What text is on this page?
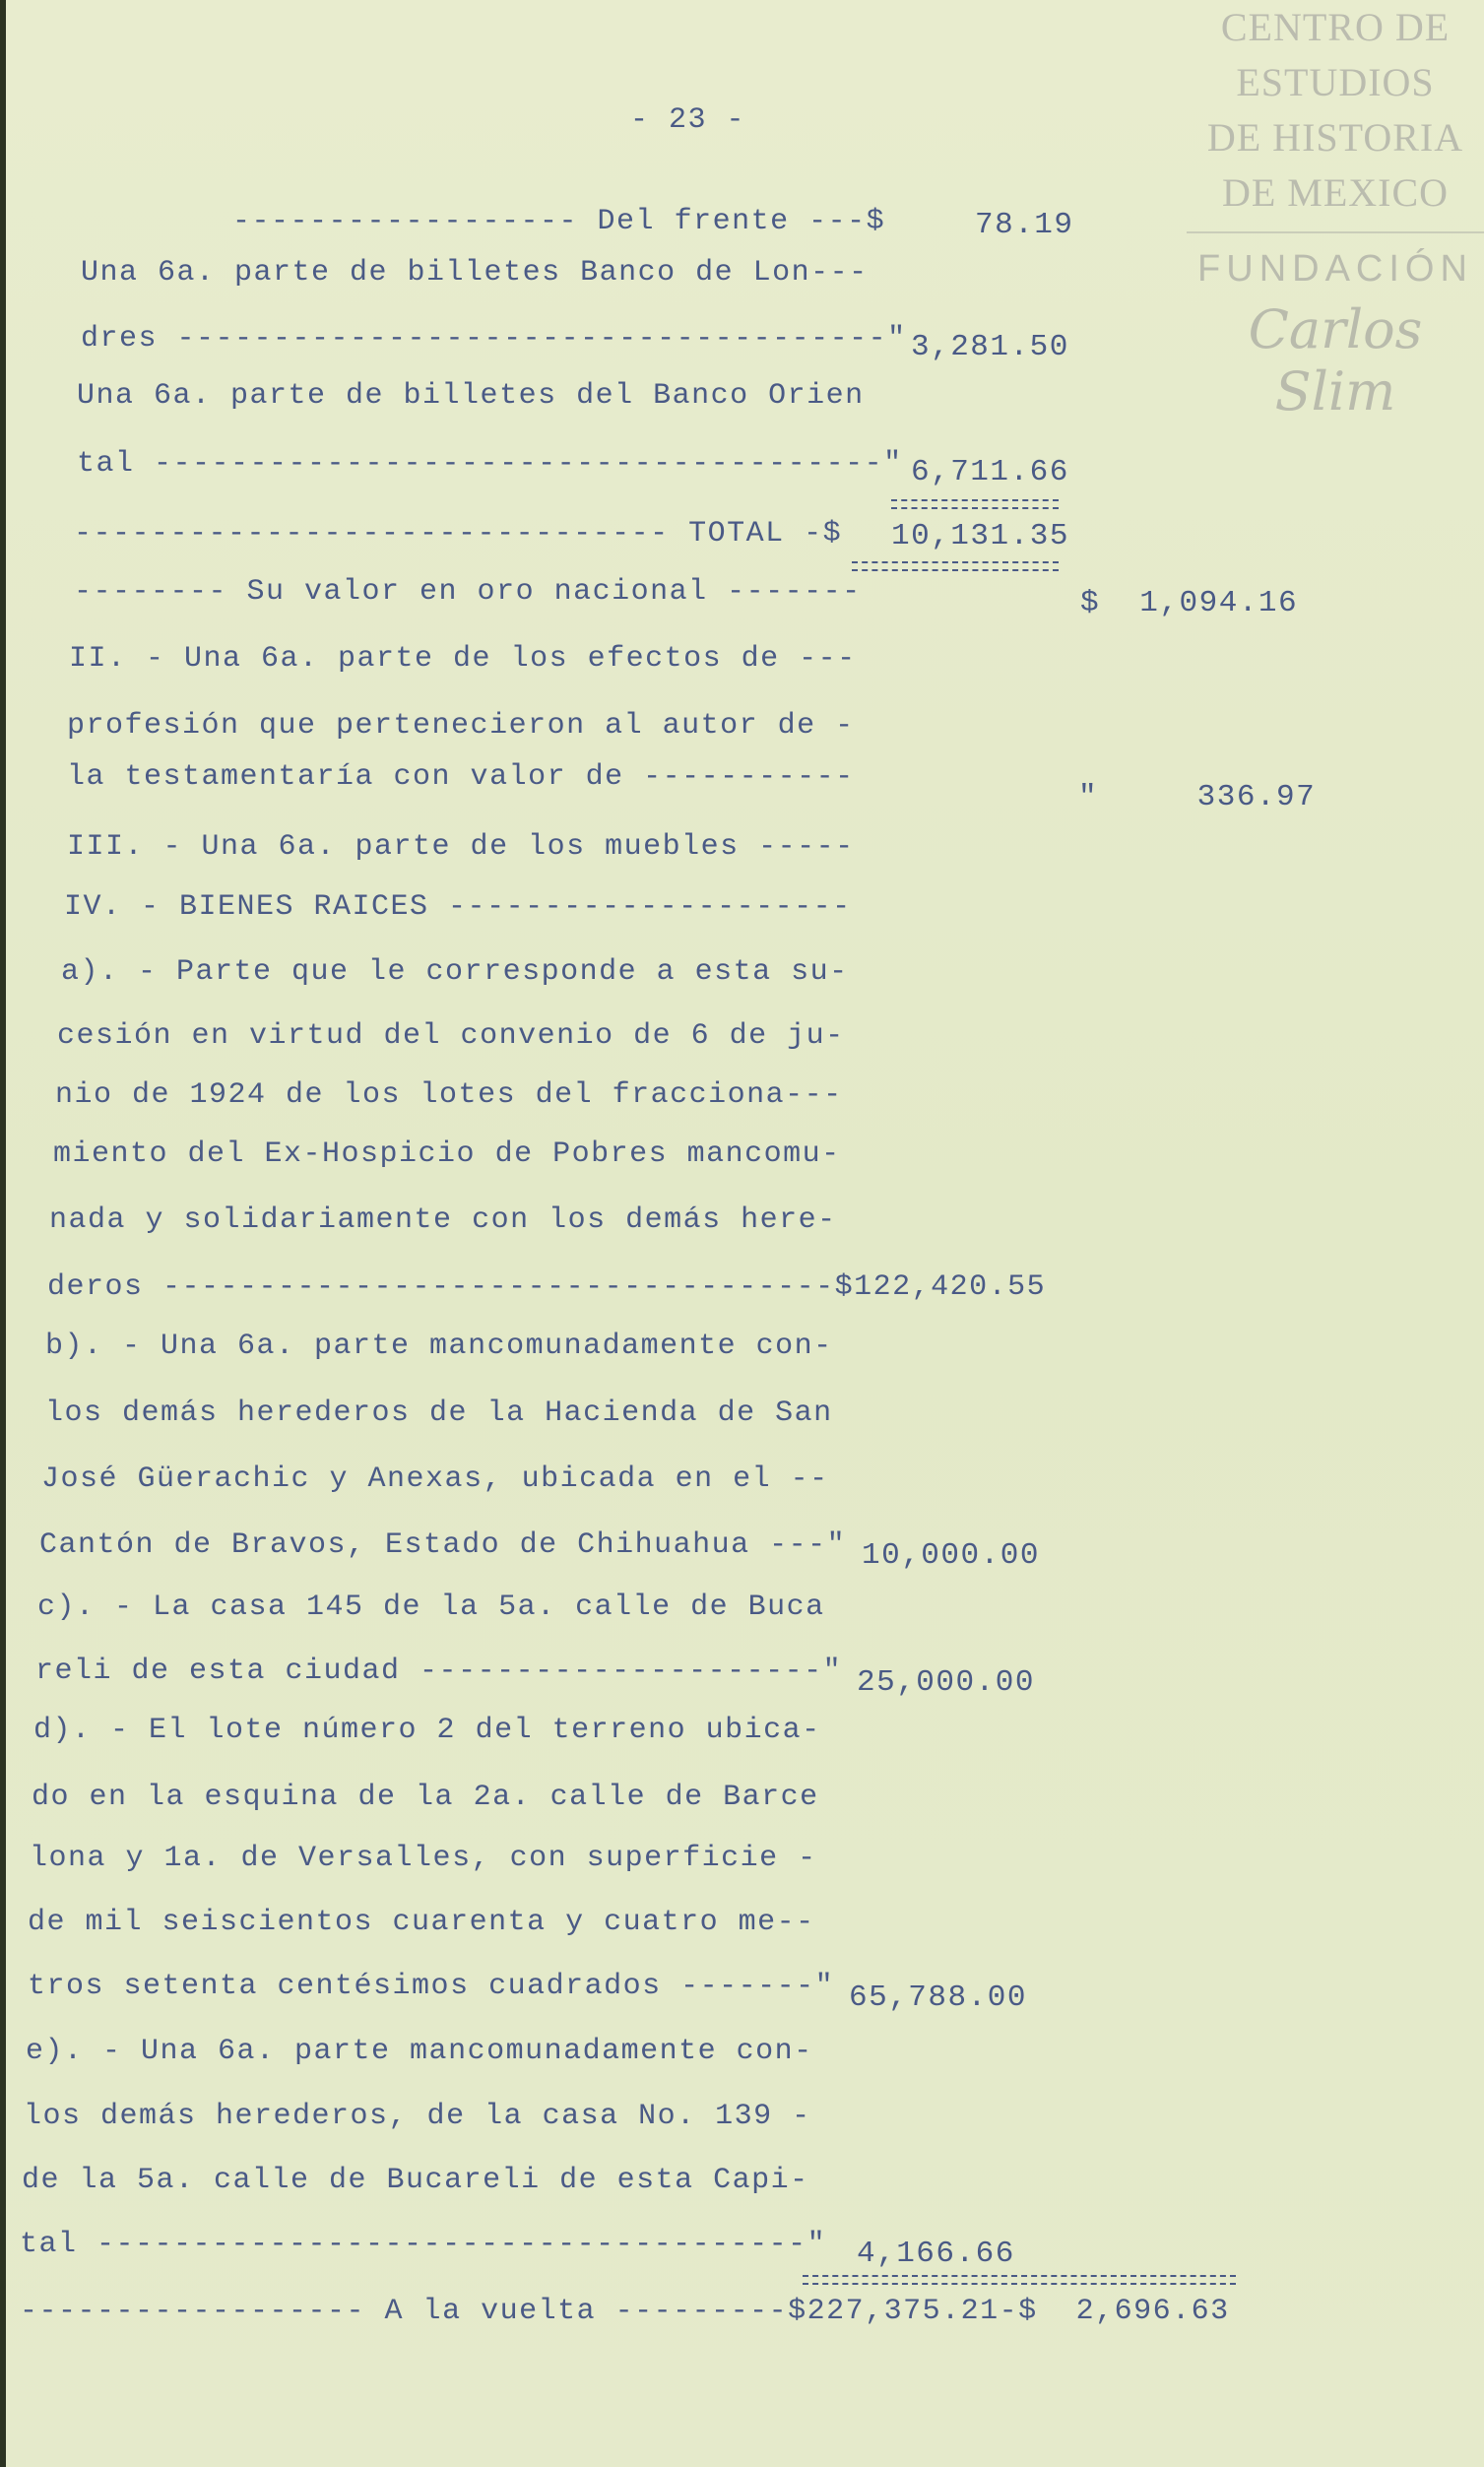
CENTRO DE
ESTUDIOS
DE HISTORIA
DE MEXICO
FUNDACIÓN
Carlos Slim
- 23 -
------------------ Del frente ---$	78.19
Una 6a. parte de billetes Banco de Lon---
dres -------------------------------------" 3,281.50
Una 6a. parte de billetes del Banco Orien
tal --------------------------------------" 6,711.66
------------------------------- TOTAL -$ 10,131.35
-------- Su valor en oro nacional -------	$  1,094.16
II. - Una 6a. parte de los efectos de ---
profesión que pertenecieron al autor de -
la testamentaría con valor de -----------
"     336.97
III. - Una 6a. parte de los muebles -----
IV. - BIENES RAICES ---------------------
a). - Parte que le corresponde a esta su-
cesión en virtud del convenio de 6 de ju-
nio de 1924 de los lotes del fracciona---
miento del Ex-Hospicio de Pobres mancomu-
nada y solidariamente con los demás here-
deros -----------------------------------$122,420.55
b). - Una 6a. parte mancomunadamente con-
los demás herederos de la Hacienda de San
José Güerachic y Anexas, ubicada en el --
Cantón de Bravos, Estado de Chihuahua ---" 10,000.00
c). - La casa 145 de la 5a. calle de Buca
reli de esta ciudad ---------------------" 25,000.00
d). - El lote número 2 del terreno ubica-
do en la esquina de la 2a. calle de Barce
lona y 1a. de Versalles, con superficie -
de mil seiscientos cuarenta y cuatro me--
tros setenta centésimos cuadrados -------" 65,788.00
e). - Una 6a. parte mancomunadamente con-
los demás herederos, de la casa No. 139 -
de la 5a. calle de Bucareli de esta Capi-
tal -------------------------------------" 4,166.66
------------------ A la vuelta ---------$227,375.21-$  2,696.63
